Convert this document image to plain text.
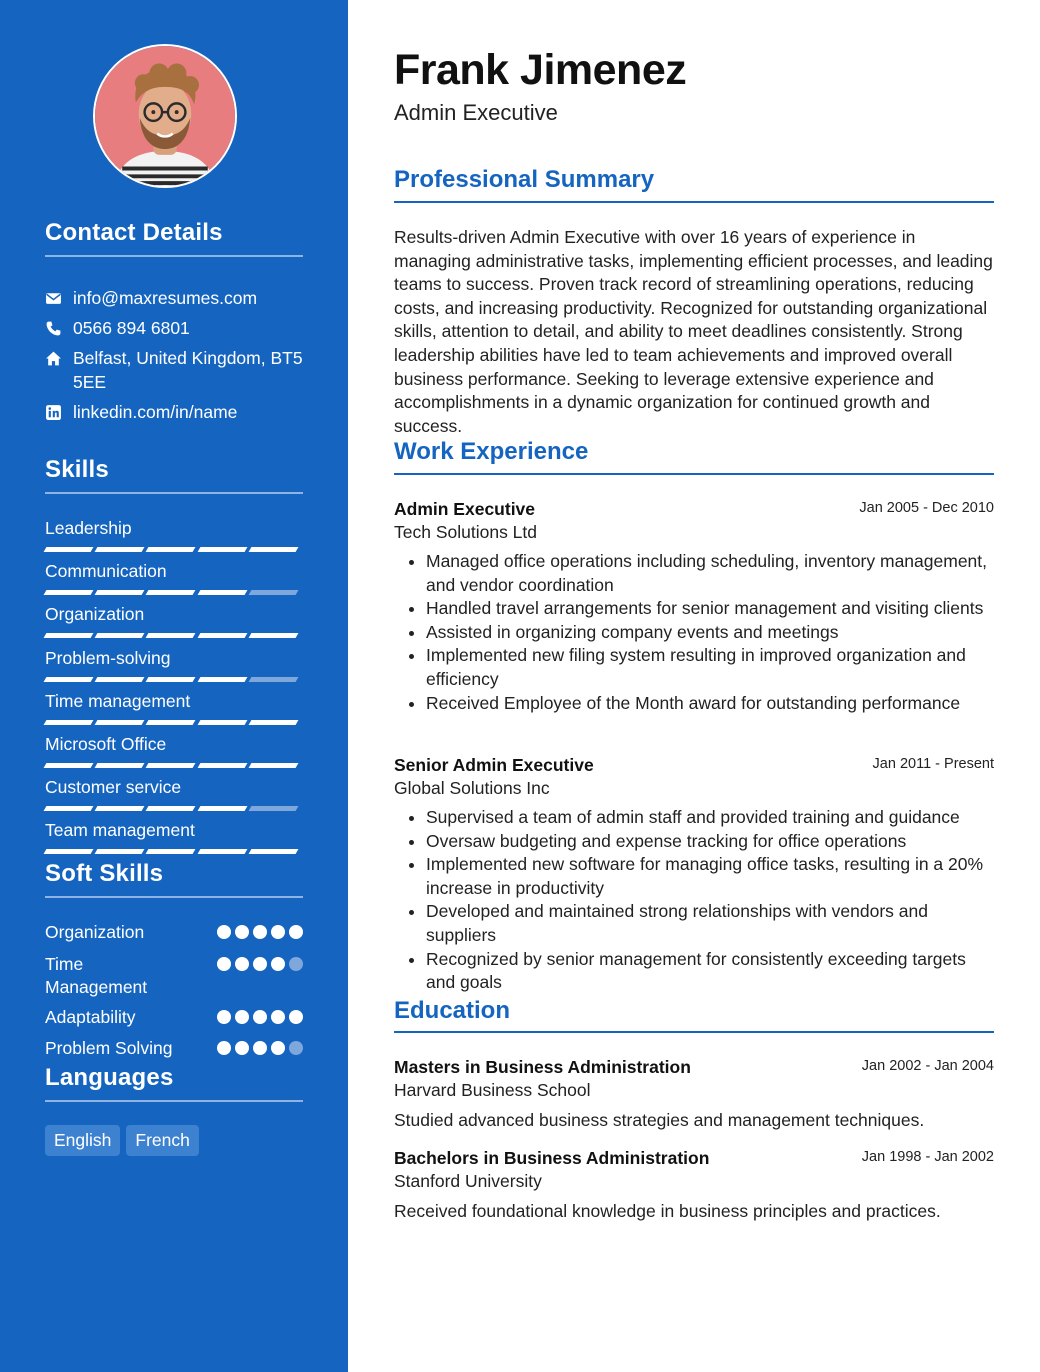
Contact Details
info@maxresumes.com
0566 894 6801
Belfast, United Kingdom, BT5 5EE
linkedin.com/in/name
Skills
Leadership
Communication
Organization
Problem-solving
Time management
Microsoft Office
Customer service
Team management
Soft Skills
Organization
Time Management
Adaptability
Problem Solving
Languages
English	French
Frank Jimenez
Admin Executive
Professional Summary
Results-driven Admin Executive with over 16 years of experience in managing administrative tasks, implementing efficient processes, and leading teams to success. Proven track record of streamlining operations, reducing costs, and increasing productivity. Recognized for outstanding organizational skills, attention to detail, and ability to meet deadlines consistently. Strong leadership abilities have led to team achievements and improved overall business performance. Seeking to leverage extensive experience and accomplishments in a dynamic organization for continued growth and success.
Work Experience
Admin Executive	Jan 2005 - Dec 2010
Tech Solutions Ltd
• Managed office operations including scheduling, inventory management, and vendor coordination
• Handled travel arrangements for senior management and visiting clients
• Assisted in organizing company events and meetings
• Implemented new filing system resulting in improved organization and efficiency
• Received Employee of the Month award for outstanding performance
Senior Admin Executive	Jan 2011 - Present
Global Solutions Inc
• Supervised a team of admin staff and provided training and guidance
• Oversaw budgeting and expense tracking for office operations
• Implemented new software for managing office tasks, resulting in a 20% increase in productivity
• Developed and maintained strong relationships with vendors and suppliers
• Recognized by senior management for consistently exceeding targets and goals
Education
Masters in Business Administration	Jan 2002 - Jan 2004
Harvard Business School
Studied advanced business strategies and management techniques.
Bachelors in Business Administration	Jan 1998 - Jan 2002
Stanford University
Received foundational knowledge in business principles and practices.
